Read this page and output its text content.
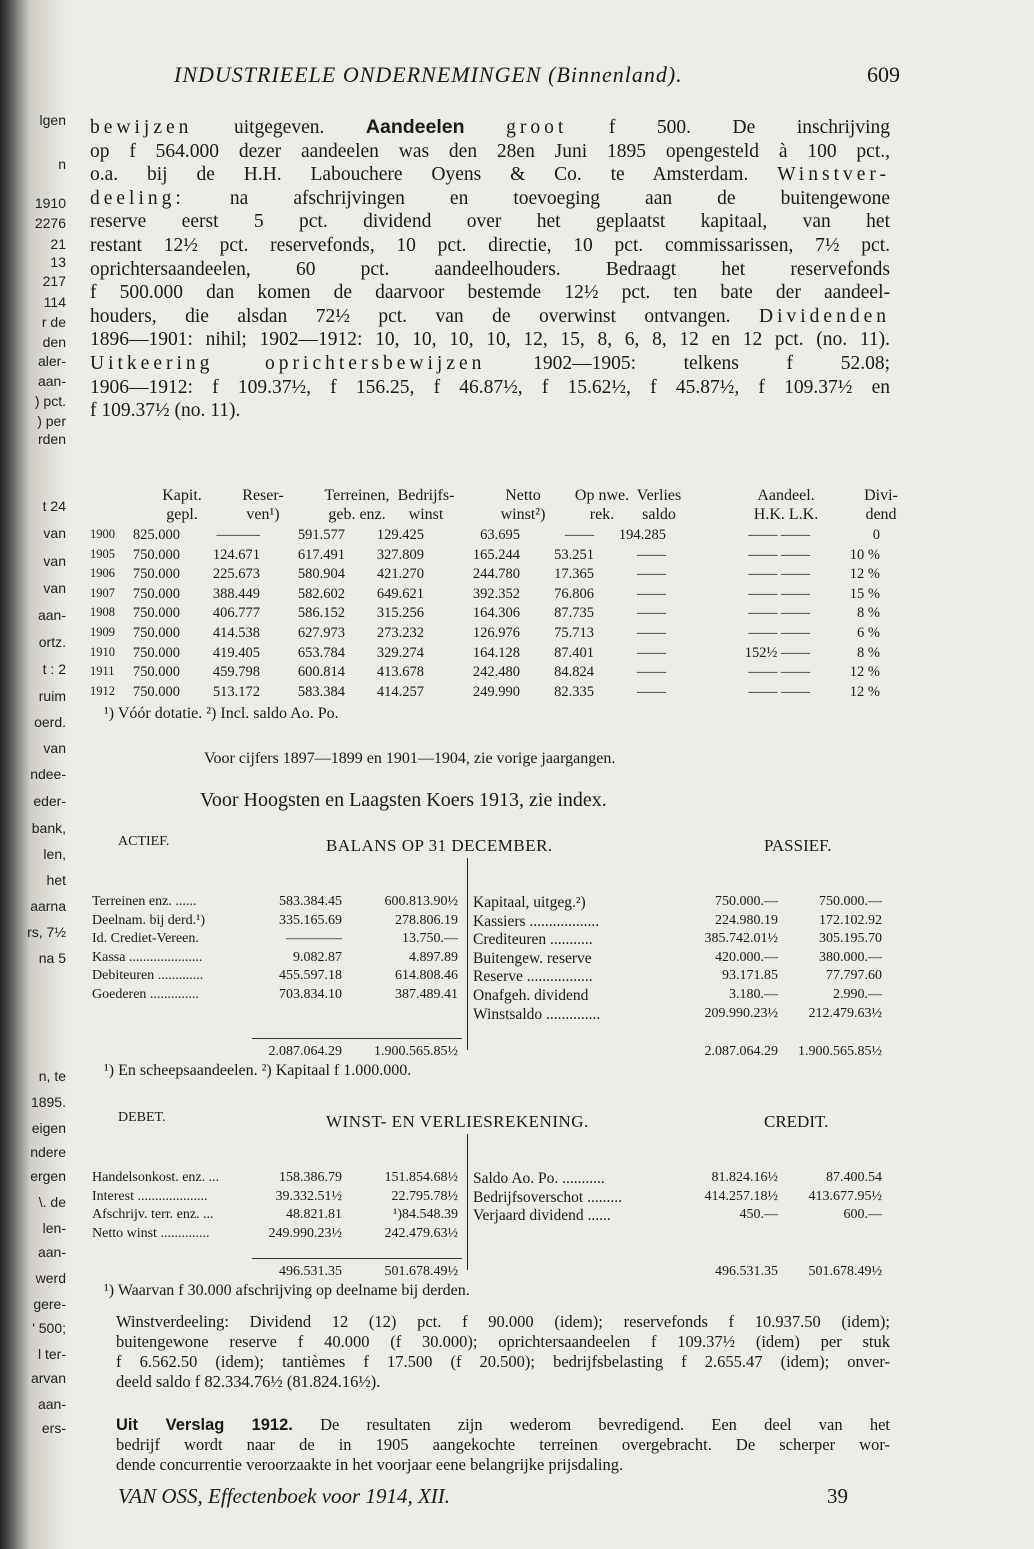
lgen
n
1910
2276
21
13
217
114
r de
den
aler-
aan-
) pct.
) per
rden
t 24
van
van
van
aan-
ortz.
t : 2
ruim
oerd.
van
ndee-
eder-
bank,
len,
het
aarna
rs, 7½
na 5
n, te
1895.
eigen
ndere
ergen
\. de
len-
aan-
werd
gere-
' 500;
l ter-
arvan
aan-
ers-
INDUSTRIEELE ONDERNEMINGEN (Binnenland).	609
bewijzen uitgegeven. Aandeelen groot f 500. De inschrijving
op f 564.000 dezer aandeelen was den 28en Juni 1895 opengesteld à 100 pct.,
o.a. bij de H.H. Labouchere Oyens & Co. te Amsterdam. Winstver-
deeling: na afschrijvingen en toevoeging aan de buitengewone
reserve eerst 5 pct. dividend over het geplaatst kapitaal, van het
restant 12½ pct. reservefonds, 10 pct. directie, 10 pct. commissarissen, 7½ pct.
oprichtersaandeelen, 60 pct. aandeelhouders. Bedraagt het reservefonds
f 500.000 dan komen de daarvoor bestemde 12½ pct. ten bate der aandeel-
houders, die alsdan 72½ pct. van de overwinst ontvangen. Dividenden
1896—1901: nihil; 1902—1912: 10, 10, 10, 10, 12, 15, 8, 6, 8, 12 en 12 pct. (no. 11).
Uitkeering oprichtersbewijzen 1902—1905: telkens f 52.08;
1906—1912: f 109.37½, f 156.25, f 46.87½, f 15.62½, f 45.87½, f 109.37½ en
f 109.37½ (no. 11).
Kapit.	Reser-	Terreinen, Bedrijfs-	Netto	Op nwe. Verlies	Aandeel.	Divi-
gepl.	ven¹)	geb. enz.	winst	winst²)	rek.	saldo	H.K. L.K.	dend
1900	825.000	———	591.577	129.425	63.695	——	194.285	—— ——	0
1905	750.000	124.671	617.491	327.809	165.244	53.251	——	—— ——	10 %
1906	750.000	225.673	580.904	421.270	244.780	17.365	——	—— ——	12 %
1907	750.000	388.449	582.602	649.621	392.352	76.806	——	—— ——	15 %
1908	750.000	406.777	586.152	315.256	164.306	87.735	——	—— ——	8 %
1909	750.000	414.538	627.973	273.232	126.976	75.713	——	—— ——	6 %
1910	750.000	419.405	653.784	329.274	164.128	87.401	——	152½ ——	8 %
1911	750.000	459.798	600.814	413.678	242.480	84.824	——	—— ——	12 %
1912	750.000	513.172	583.384	414.257	249.990	82.335	——	—— ——	12 %
¹) Vóór dotatie. ²) Incl. saldo Ao. Po.
Voor cijfers 1897—1899 en 1901—1904, zie vorige jaargangen.
Voor Hoogsten en Laagsten Koers 1913, zie index.
ACTIEF.	BALANS OP 31 DECEMBER.	PASSIEF.
Terreinen enz. ......	583.384.45	600.813.90½
Deelnam. bij derd.¹)	335.165.69	278.806.19
Id. Crediet-Vereen.	————	13.750.—
Kassa .....................	9.082.87	4.897.89
Debiteuren .............	455.597.18	614.808.46
Goederen ..............	703.834.10	387.489.41
Kapitaal, uitgeg.²)	750.000.—	750.000.—
Kassiers ..................	224.980.19	172.102.92
Crediteuren ...........	385.742.01½	305.195.70
Buitengew. reserve	420.000.—	380.000.—
Reserve .................	93.171.85	77.797.60
Onafgeh. dividend	3.180.—	2.990.—
Winstsaldo ..............	209.990.23½	212.479.63½
2.087.064.29	1.900.565.85½	2.087.064.29	1.900.565.85½
¹) En scheepsaandeelen. ²) Kapitaal f 1.000.000.
DEBET.	WINST- EN VERLIESREKENING.	CREDIT.
Handelsonkost. enz. ...	158.386.79	151.854.68½
Interest ....................	39.332.51½	22.795.78½
Afschrijv. terr. enz. ...	48.821.81	¹)84.548.39
Netto winst ..............	249.990.23½	242.479.63½
Saldo Ao. Po. ...........	81.824.16½	87.400.54
Bedrijfsoverschot .........	414.257.18½	413.677.95½
Verjaard dividend ......	450.—	600.—
496.531.35	501.678.49½	496.531.35	501.678.49½
¹) Waarvan f 30.000 afschrijving op deelname bij derden.
Winstverdeeling: Dividend 12 (12) pct. f 90.000 (idem); reservefonds f 10.937.50 (idem);
buitengewone reserve f 40.000 (f 30.000); oprichtersaandeelen f 109.37½ (idem) per stuk
f 6.562.50 (idem); tantièmes f 17.500 (f 20.500); bedrijfsbelasting f 2.655.47 (idem); onver-
deeld saldo f 82.334.76½ (81.824.16½).
Uit Verslag 1912. De resultaten zijn wederom bevredigend. Een deel van het
bedrijf wordt naar de in 1905 aangekochte terreinen overgebracht. De scherper wor-
dende concurrentie veroorzaakte in het voorjaar eene belangrijke prijsdaling.
VAN OSS, Effectenboek voor 1914, XII.	39
